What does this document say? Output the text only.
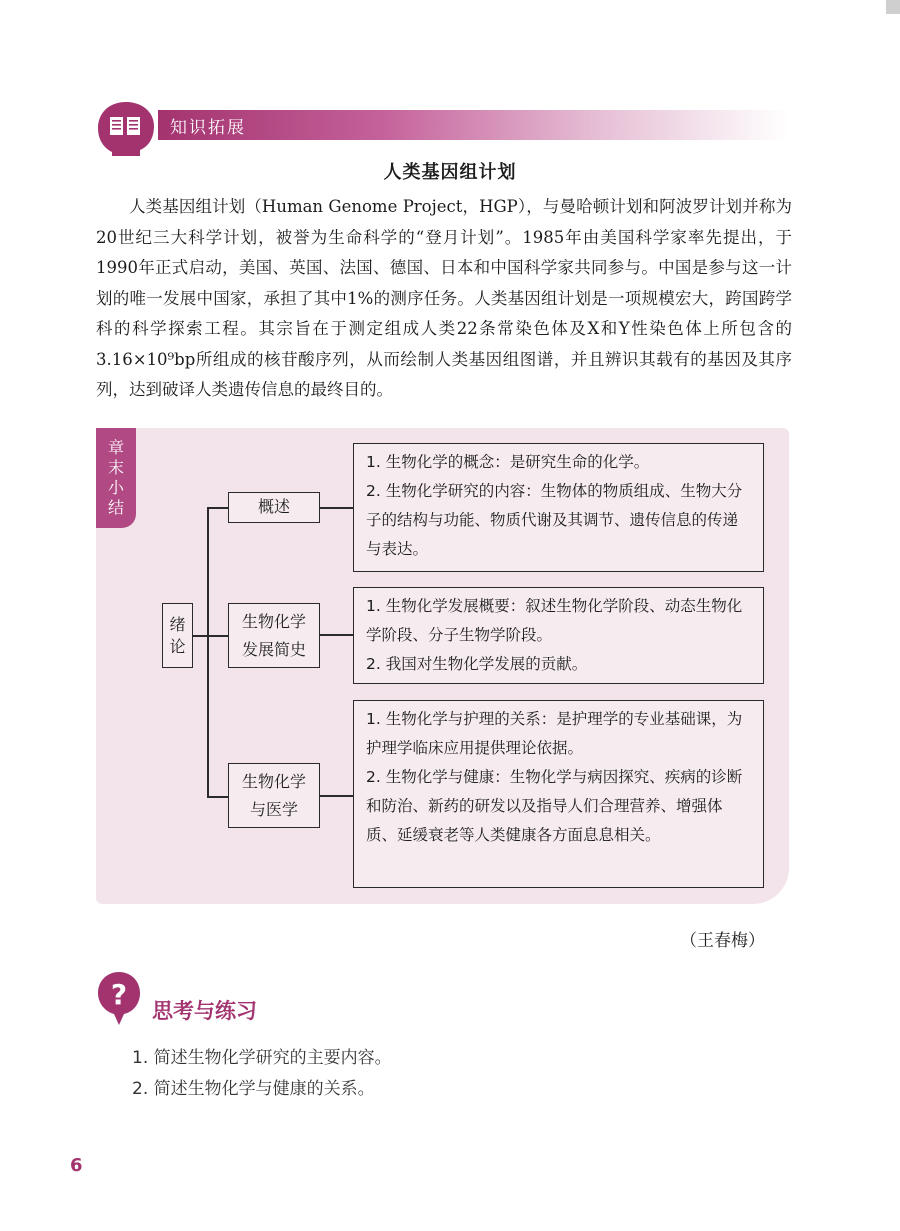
知识拓展
人类基因组计划

人类基因组计划（Human Genome Project，HGP），与曼哈顿计划和阿波罗计划并称为20世纪三大科学计划，被誉为生命科学的“登月计划”。1985年由美国科学家率先提出，于1990年正式启动，美国、英国、法国、德国、日本和中国科学家共同参与。中国是参与这一计划的唯一发展中国家，承担了其中1%的测序任务。人类基因组计划是一项规模宏大，跨国跨学科的科学探索工程。其宗旨在于测定组成人类22条常染色体及X和Y性染色体上所包含的3.16×10⁹bp所组成的核苷酸序列，从而绘制人类基因组图谱，并且辨识其载有的基因及其序列，达到破译人类遗传信息的最终目的。

章末小结
绪论
概述
生物化学发展简史
生物化学与医学

1. 生物化学的概念：是研究生命的化学。

2. 生物化学研究的内容：生物体的物质组成、生物大分子的结构与功能、物质代谢及其调节、遗传信息的传递与表达。

1. 生物化学发展概要：叙述生物化学阶段、动态生物化学阶段、分子生物学阶段。

2. 我国对生物化学发展的贡献。

1. 生物化学与护理的关系：是护理学的专业基础课，为护理学临床应用提供理论依据。

2. 生物化学与健康：生物化学与病因探究、疾病的诊断和防治、新药的研发以及指导人们合理营养、增强体质、延缓衰老等人类健康各方面息息相关。

（王春梅）
? 思考与练习
1. 简述生物化学研究的主要内容。
2. 简述生物化学与健康的关系。
6
